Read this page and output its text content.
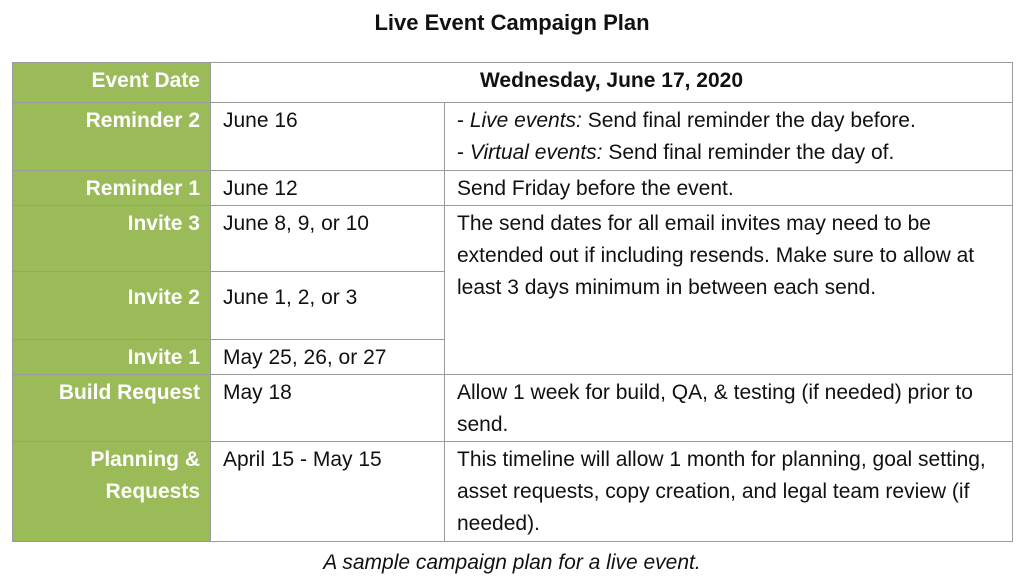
Live Event Campaign Plan
Event Date	Wednesday, June 17, 2020	
Reminder 2	June 16	- Live events: Send final reminder the day before.
- Virtual events: Send final reminder the day of.

Reminder 1	June 12	Send Friday before the event.
Invite 3	June 8, 9, or 10	The send dates for all email invites may need to be extended out if including resends. Make sure to allow at least 3 days minimum in between each send.
Invite 2	June 1, 2, or 3	
Invite 1	May 25, 26, or 27	
Build Request	May 18	Allow 1 week for build, QA, & testing (if needed) prior to send.

Planning &
Requests	April 15 - May 15	This timeline will allow 1 month for planning, goal setting, asset requests, copy creation, and legal team review (if needed).
A sample campaign plan for a live event.
